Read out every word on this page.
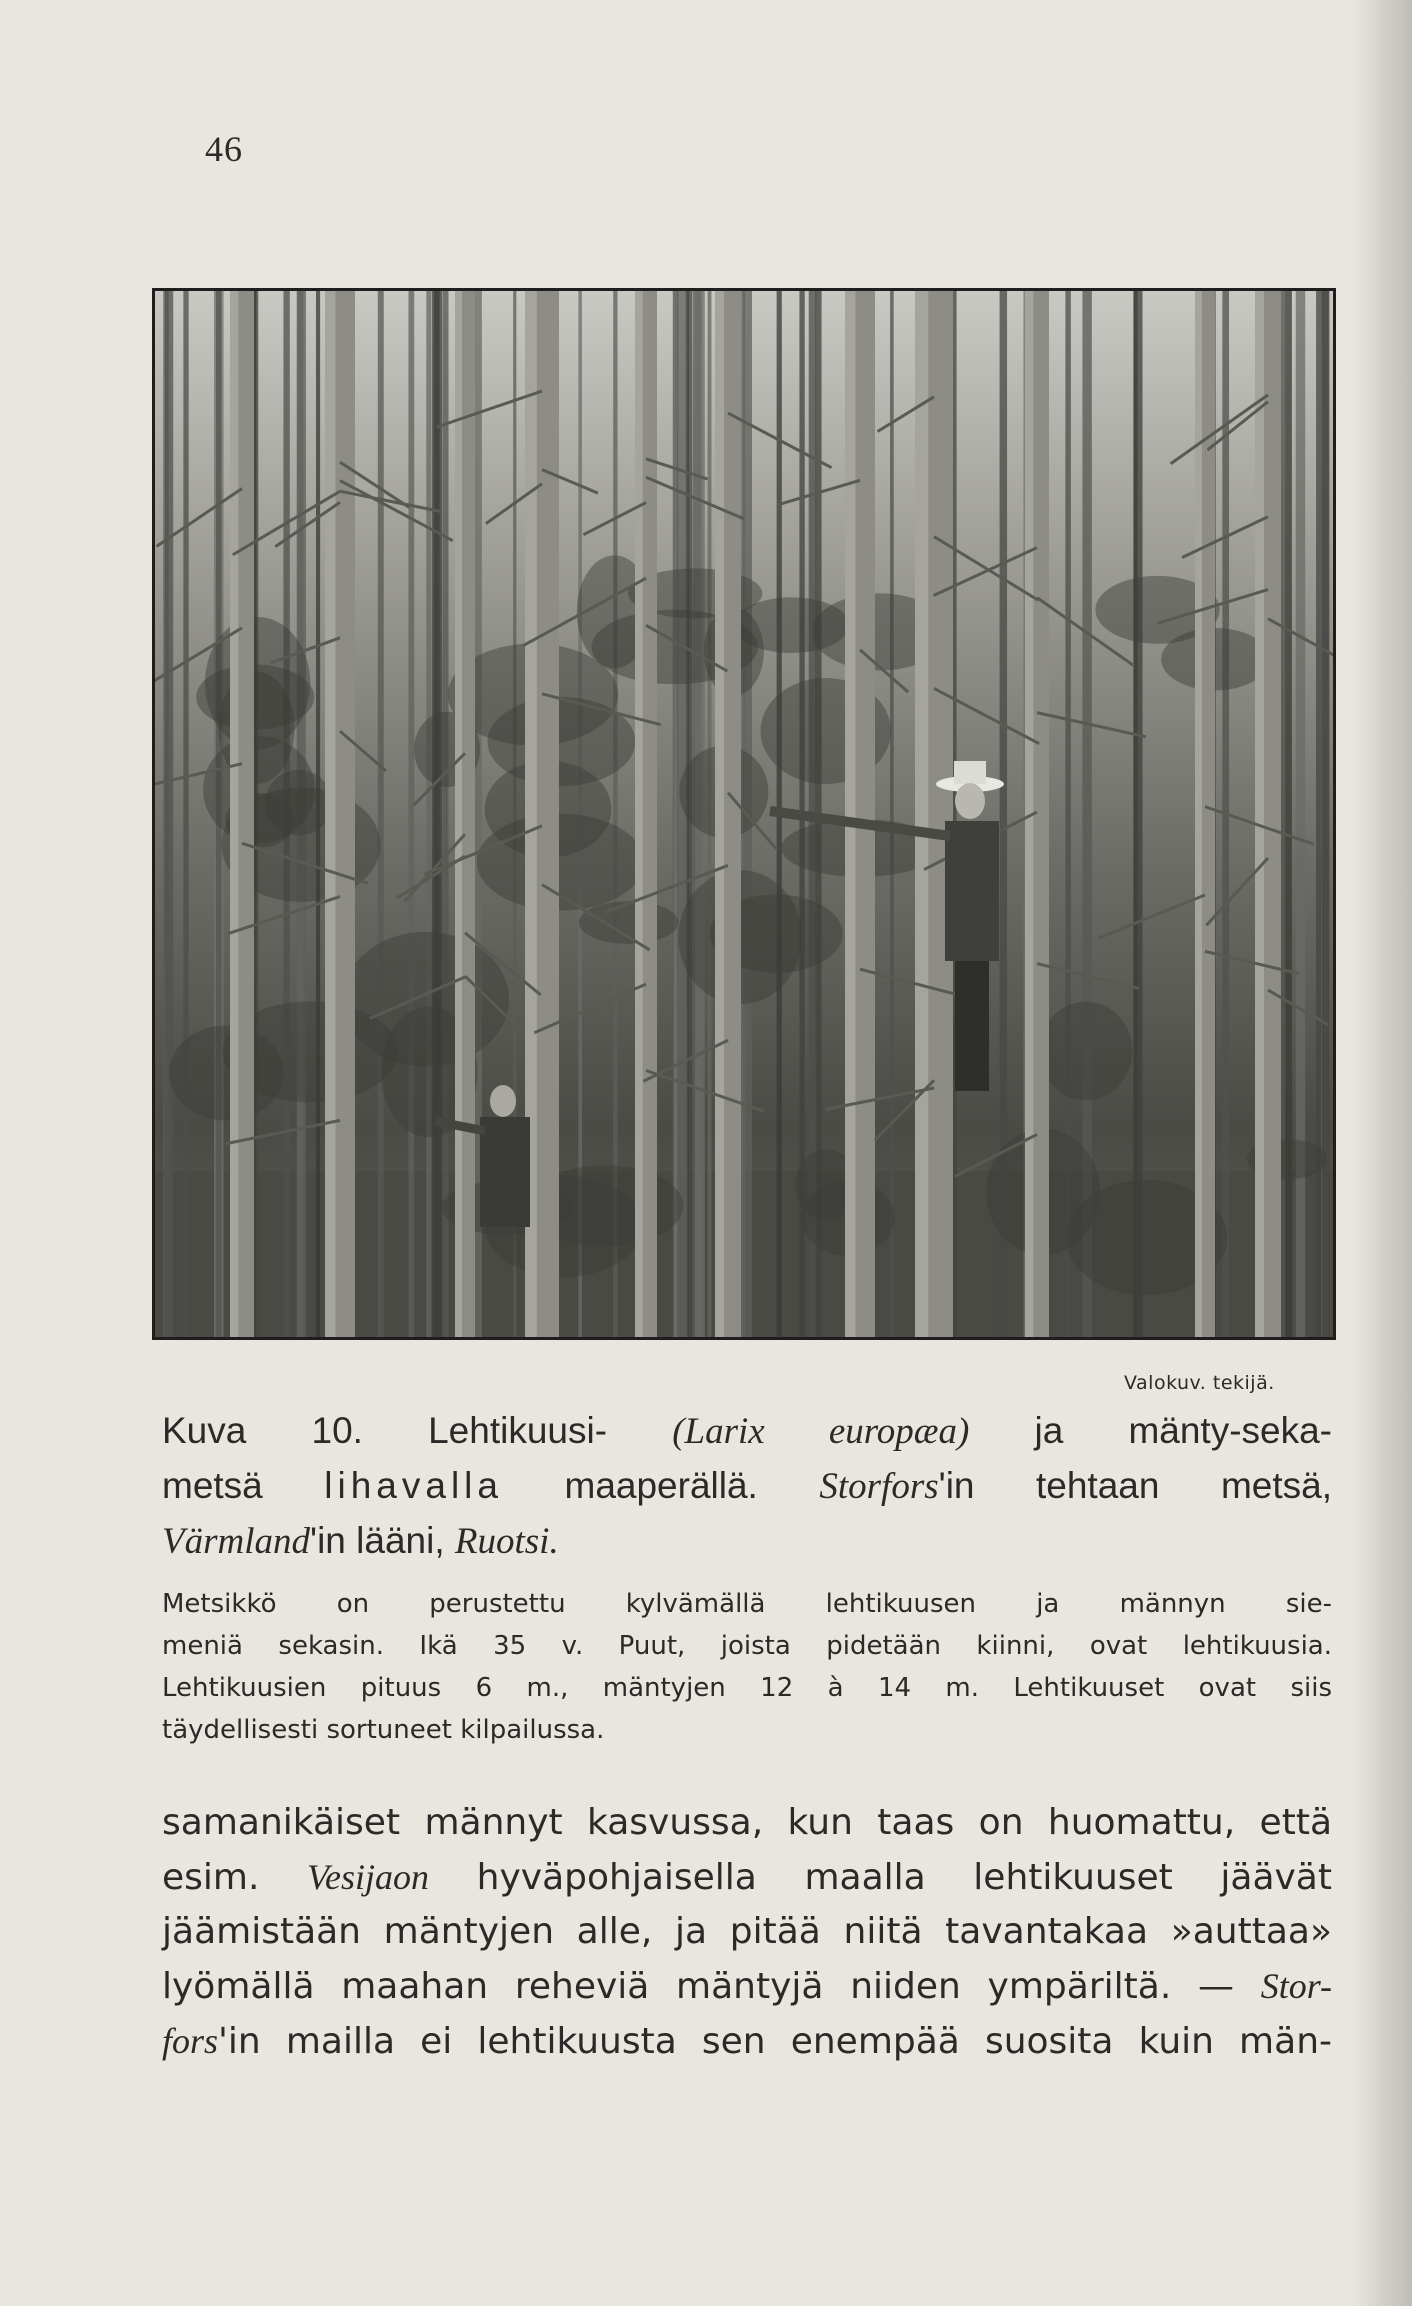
46
Valokuv. tekijä.
Kuva 10. Lehtikuusi- (Larix europæa) ja mänty-seka-
metsä lihavalla maaperällä. Storfors'in tehtaan metsä,
Värmland'in lääni, Ruotsi.
Metsikkö on perustettu kylvämällä lehtikuusen ja männyn sie-
meniä sekasin. Ikä 35 v. Puut, joista pidetään kiinni, ovat lehtikuusia.
Lehtikuusien pituus 6 m., mäntyjen 12 à 14 m. Lehtikuuset ovat siis
täydellisesti sortuneet kilpailussa.
samanikäiset männyt kasvussa, kun taas on huomattu, että
esim. Vesijaon hyväpohjaisella maalla lehtikuuset jäävät
jäämistään mäntyjen alle, ja pitää niitä tavantakaa »auttaa»
lyömällä maahan reheviä mäntyjä niiden ympäriltä. — Stor-
fors'in mailla ei lehtikuusta sen enempää suosita kuin män-
